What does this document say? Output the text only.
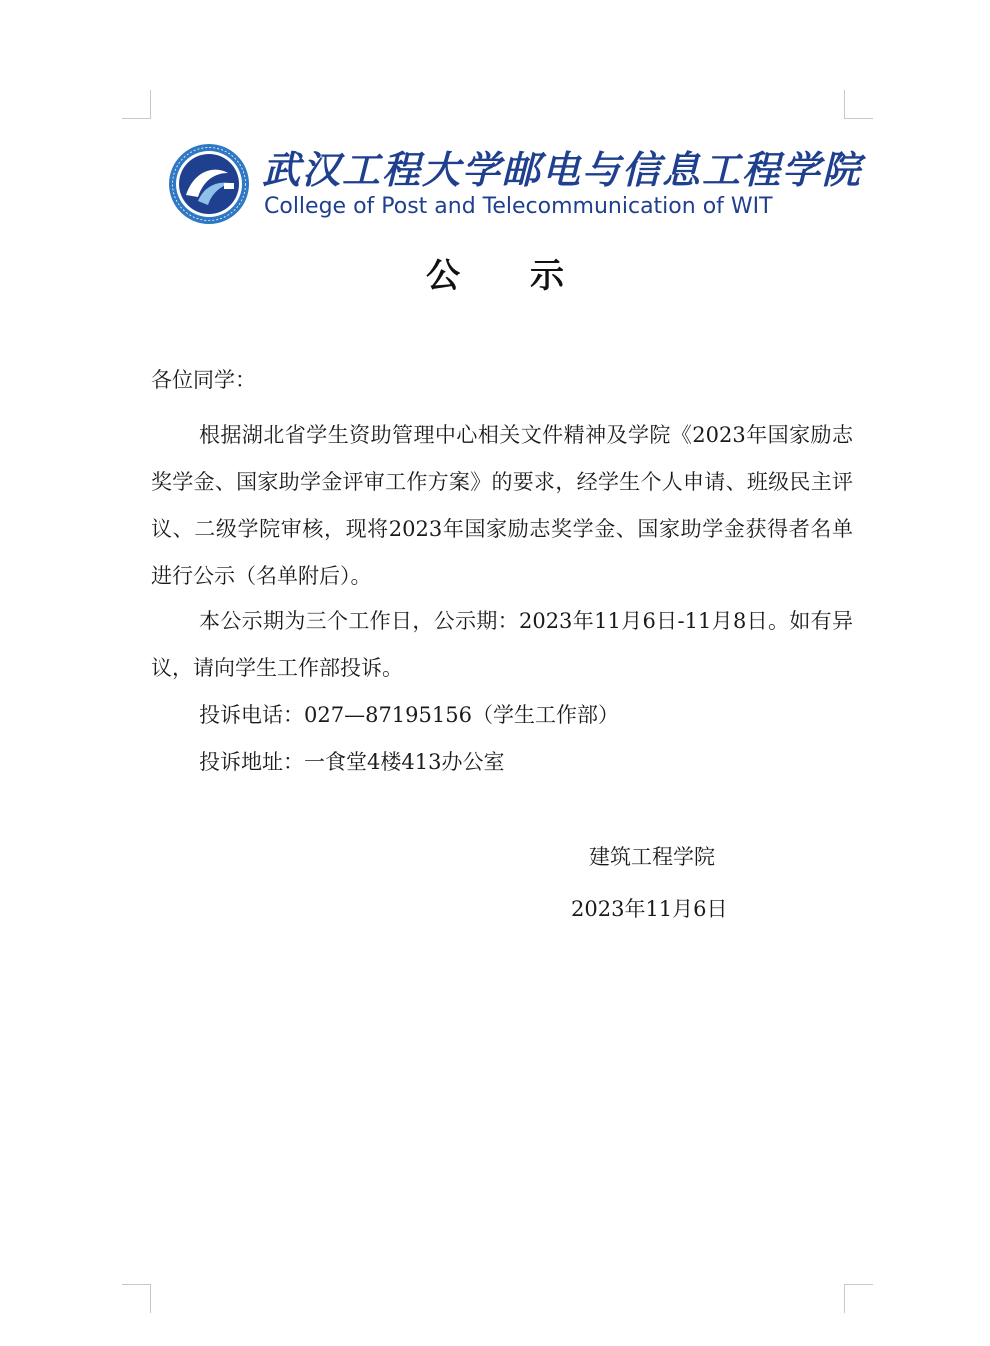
武汉工程大学邮电与信息工程学院
College of Post and Telecommunication of WIT
公示
各位同学：

根据湖北省学生资助管理中心相关文件精神及学院《2023年国家励志奖学金、国家助学金评审工作方案》的要求，经学生个人申请、班级民主评议、二级学院审核，现将2023年国家励志奖学金、国家助学金获得者名单进行公示（名单附后）。

本公示期为三个工作日，公示期：2023年11月6日-11月8日。如有异议，请向学生工作部投诉。

投诉电话：027—87195156（学生工作部）

投诉地址：一食堂4楼413办公室

建筑工程学院
2023年11月6日
